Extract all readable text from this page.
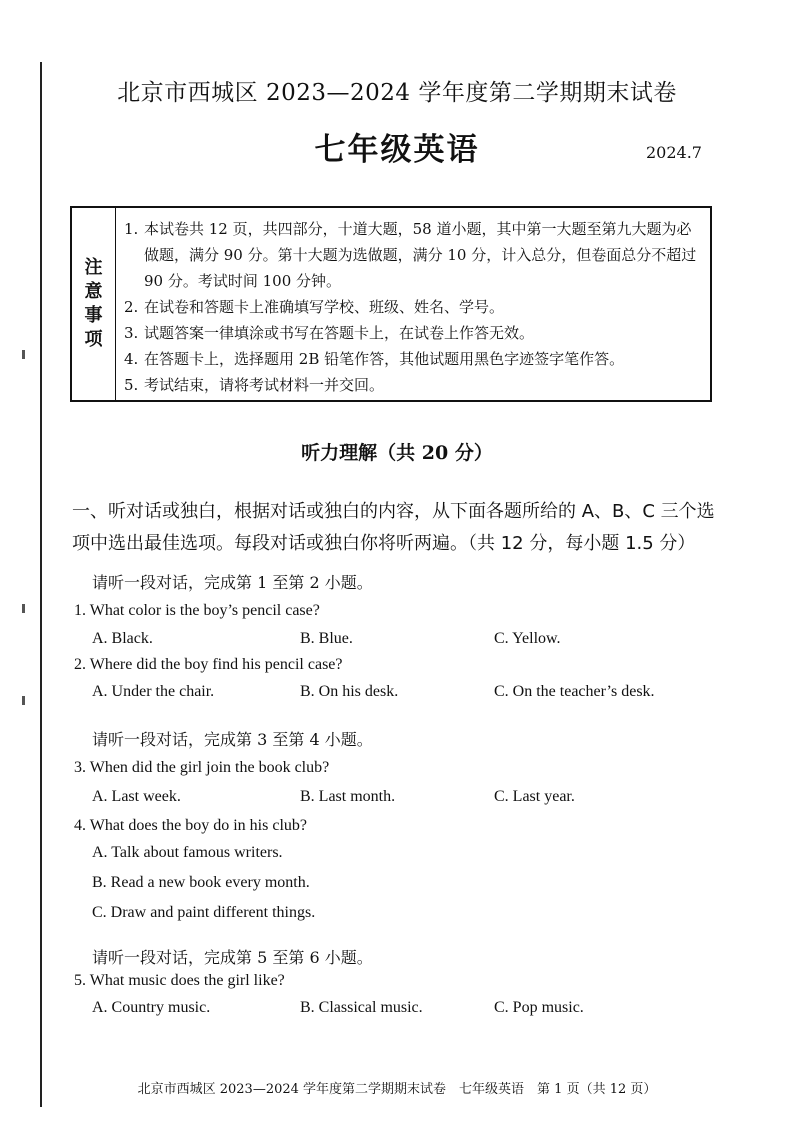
北京市西城区 2023—2024 学年度第二学期期末试卷
七年级英语	2024.7
注
意
事
项
1. 本试卷共 12 页，共四部分，十道大题，58 道小题，其中第一大题至第九大题为必做题，满分 90 分。第十大题为选做题，满分 10 分，计入总分，但卷面总分不超过 90 分。考试时间 100 分钟。
2. 在试卷和答题卡上准确填写学校、班级、姓名、学号。
3. 试题答案一律填涂或书写在答题卡上，在试卷上作答无效。
4. 在答题卡上，选择题用 2B 铅笔作答，其他试题用黑色字迹签字笔作答。
5. 考试结束，请将考试材料一并交回。
听力理解（共 20 分）
一、听对话或独白，根据对话或独白的内容，从下面各题所给的 A、B、C 三个选项中选出最佳选项。每段对话或独白你将听两遍。（共 12 分，每小题 1.5 分）
请听一段对话，完成第 1 至第 2 小题。
1. What color is the boy’s pencil case?
A. Black.	B. Blue.	C. Yellow.
2. Where did the boy find his pencil case?
A. Under the chair.	B. On his desk.	C. On the teacher’s desk.
请听一段对话，完成第 3 至第 4 小题。
3. When did the girl join the book club?
A. Last week.	B. Last month.	C. Last year.
4. What does the boy do in his club?
A. Talk about famous writers.
B. Read a new book every month.
C. Draw and paint different things.
请听一段对话，完成第 5 至第 6 小题。
5. What music does the girl like?
A. Country music.	B. Classical music.	C. Pop music.
北京市西城区 2023—2024 学年度第二学期期末试卷　七年级英语　第 1 页（共 12 页）
